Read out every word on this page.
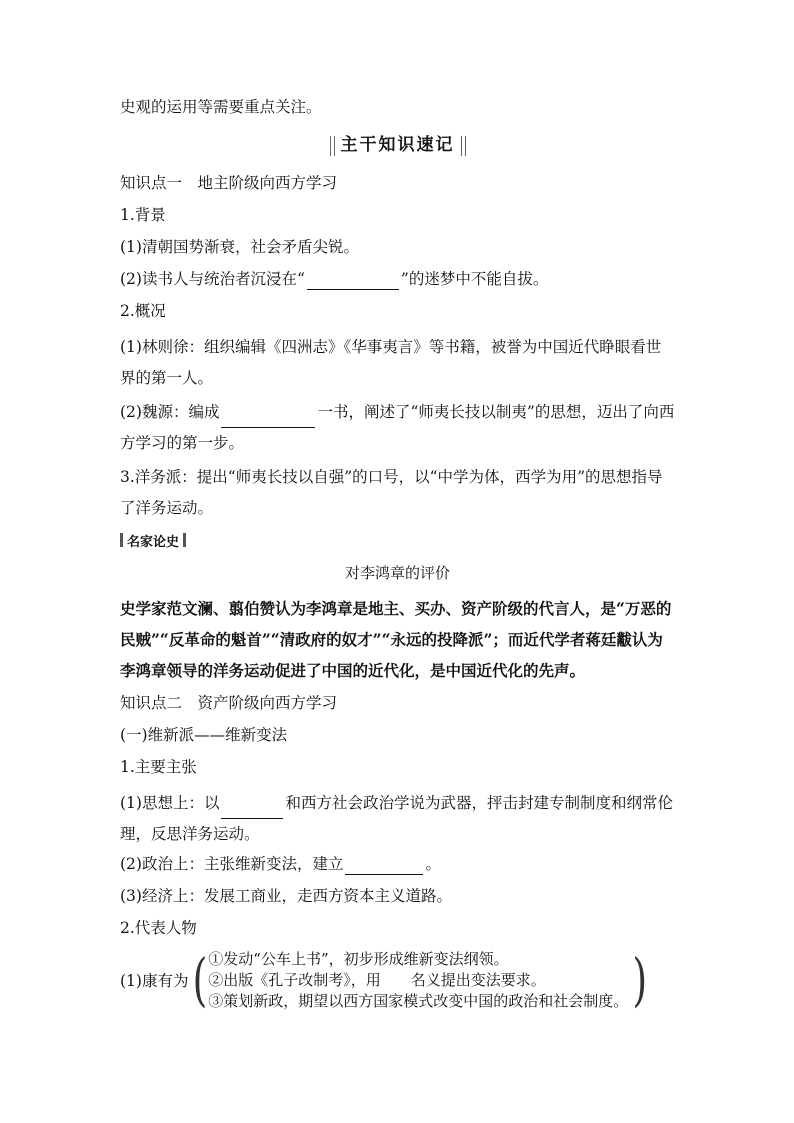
史观的运用等需要重点关注。

主干知识速记

知识点一　地主阶级向西方学习

1.背景

(1)清朝国势渐衰，社会矛盾尖锐。

(2)读书人与统治者沉浸在“	”的迷梦中不能自拔。

2.概况

(1)林则徐：组织编辑《四洲志》《华事夷言》等书籍，被誉为中国近代睁眼看世界的第一人。

(2)魏源：编成	一书，阐述了“师夷长技以制夷”的思想，迈出了向西方学习的第一步。

3.洋务派：提出“师夷长技以自强”的口号，以“中学为体，西学为用”的思想指导了洋务运动。

名家论史

对李鸿章的评价

史学家范文澜、翦伯赞认为李鸿章是地主、买办、资产阶级的代言人，是“万恶的民贼”“反革命的魁首”“清政府的奴才”“永远的投降派”；而近代学者蒋廷黻认为李鸿章领导的洋务运动促进了中国的近代化，是中国近代化的先声。

知识点二　资产阶级向西方学习

(一)维新派——维新变法

1.主要主张

(1)思想上：以	和西方社会政治学说为武器，抨击封建专制制度和纲常伦理，反思洋务运动。

(2)政治上：主张维新变法，建立	。

(3)经济上：发展工商业，走西方资本主义道路。

2.代表人物

(1)康有为 ( ①发动“公车上书”，初步形成维新变法纲领。
②出版《孔子改制考》，用　　名义提出变法要求。
③策划新政，期望以西方国家模式改变中国的政治和社会制度。 )
